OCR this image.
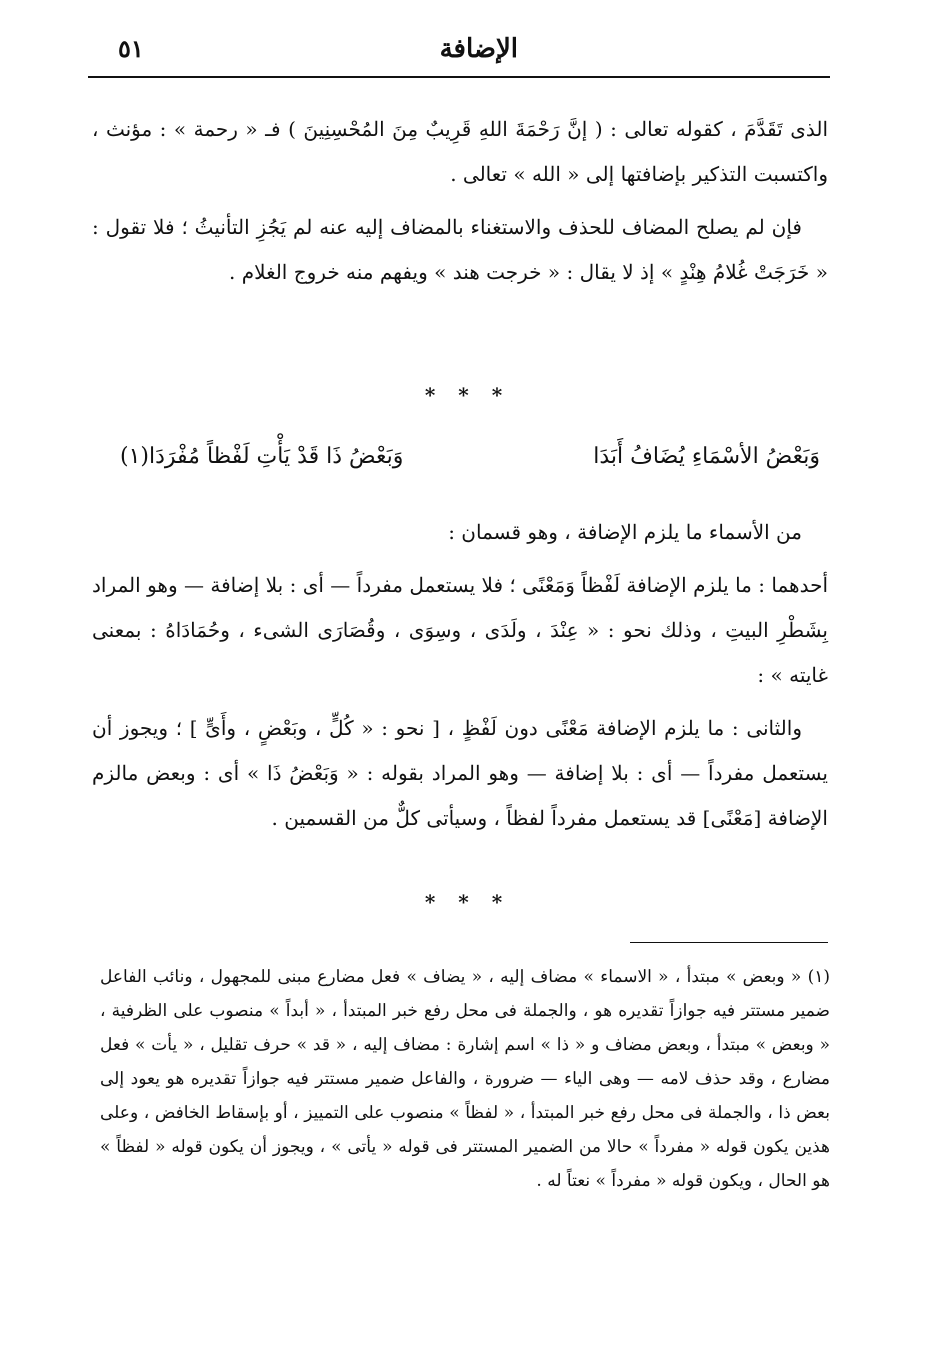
الإضافة
٥١

الذى تَقَدَّمَ ، كقوله تعالى : ( إنَّ رَحْمَةَ اللهِ قَرِيبٌ مِنَ المُحْسِنِينَ ) فـ « رحمة » : مؤنث ، واكتسبت التذكير بإضافتها إلى « الله » تعالى .

فإن لم يصلح المضاف للحذف والاستغناء بالمضاف إليه عنه لم يَجُزِ التأنيثُ ؛ فلا تقول : « خَرَجَتْ غُلامُ هِنْدٍ » إذ لا يقال : « خرجت هند » ويفهم منه خروج الغلام .

* * *
وَبَعْضُ الأسْمَاءِ يُضَافُ أَبَدَا
وَبَعْضُ ذَا قَدْ يَأْتِ لَفْظاً مُفْرَدَا(١)

من الأسماء ما يلزم الإضافة ، وهو قسمان :

أحدهما : ما يلزم الإضافة لَفْظاً وَمَعْنًى ؛ فلا يستعمل مفرداً — أى : بلا إضافة — وهو المراد بِشَطْرِ البيتِ ، وذلك نحو : « عِنْدَ ، ولَدَى ، وسِوَى ، وقُصَارَى الشىء ، وحُمَادَاهُ : بمعنى غايته » :

والثانى : ما يلزم الإضافة مَعْنًى دون لَفْظٍ ، [ نحو : « كُلٍّ ، وبَعْضٍ ، وأَىٍّ ] ؛ ويجوز أن يستعمل مفرداً — أى : بلا إضافة — وهو المراد بقوله : « وَبَعْضُ ذَا » أى : وبعض مالزم الإضافة [مَعْنًى] قد يستعمل مفرداً لفظاً ، وسيأتى كلٌّ من القسمين .

* * *
(١) « وبعض » مبتدأ ، « الاسماء » مضاف إليه ، « يضاف » فعل مضارع مبنى للمجهول ، ونائب الفاعل ضمير مستتر فيه جوازاً تقديره هو ، والجملة فى محل رفع خبر المبتدأ ، « أبداً » منصوب على الظرفية ، « وبعض » مبتدأ ، وبعض مضاف و « ذا » اسم إشارة : مضاف إليه ، « قد » حرف تقليل ، « يأت » فعل مضارع ، وقد حذف لامه — وهى الياء — ضرورة ، والفاعل ضمير مستتر فيه جوازاً تقديره هو يعود إلى بعض ذا ، والجملة فى محل رفع خبر المبتدأ ، « لفظاً » منصوب على التمييز ، أو بإسقاط الخافض ، وعلى هذين يكون قوله « مفرداً » حالا من الضمير المستتر فى قوله « يأتى » ، ويجوز أن يكون قوله « لفظاً » هو الحال ، ويكون قوله « مفرداً » نعتاً له .
